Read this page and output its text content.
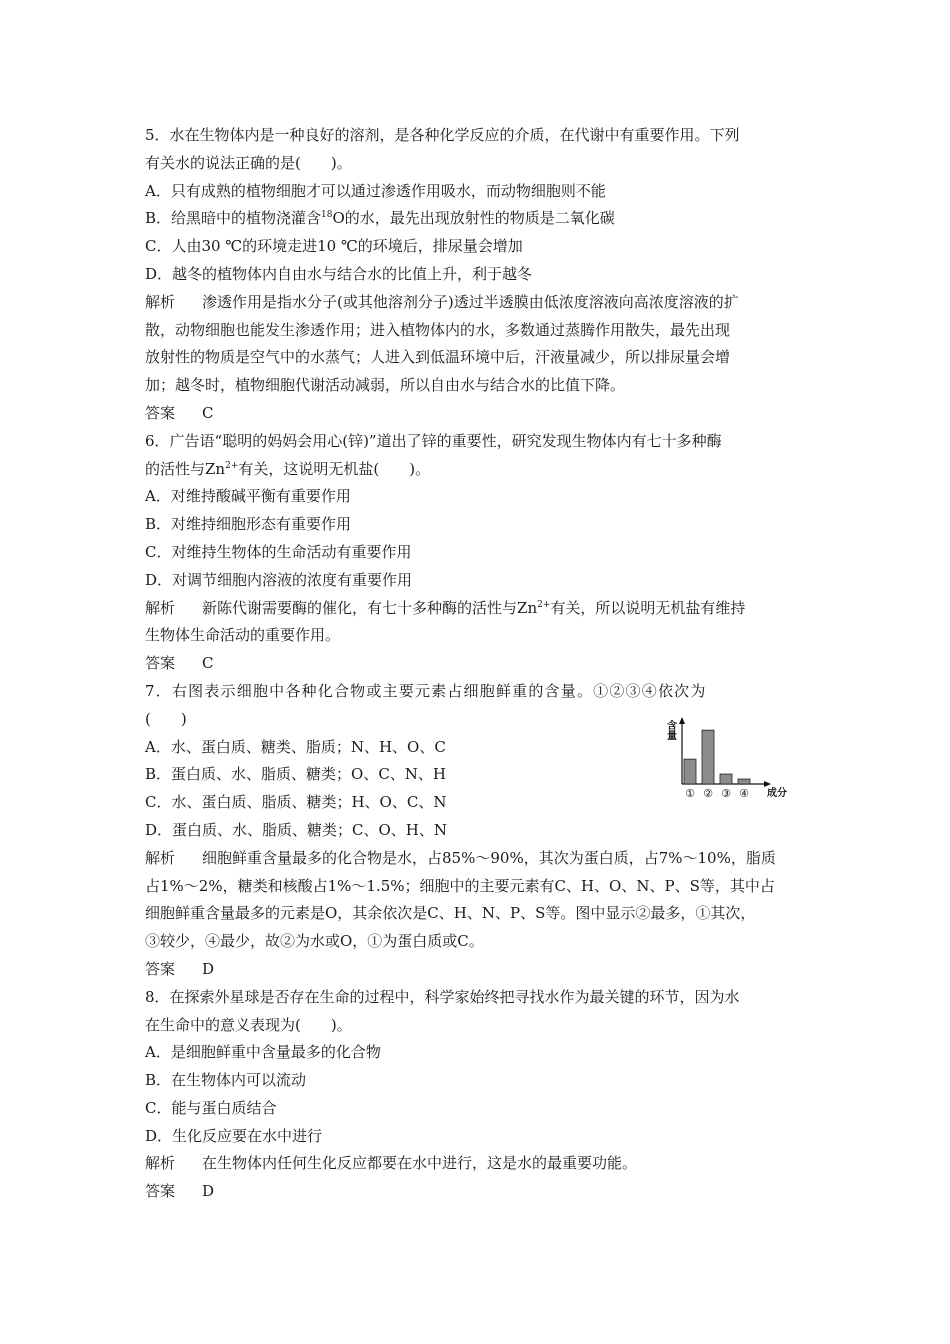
5．水在生物体内是一种良好的溶剂，是各种化学反应的介质，在代谢中有重要作用。下列
有关水的说法正确的是(　　)。
A．只有成熟的植物细胞才可以通过渗透作用吸水，而动物细胞则不能
B．给黑暗中的植物浇灌含$^{18}$O的水，最先出现放射性的物质是二氧化碳
C．人由30 ℃的环境走进10 ℃的环境后，排尿量会增加
D．越冬的植物体内自由水与结合水的比值上升，利于越冬
解析 渗透作用是指水分子(或其他溶剂分子)透过半透膜由低浓度溶液向高浓度溶液的扩
散，动物细胞也能发生渗透作用；进入植物体内的水，多数通过蒸腾作用散失，最先出现
放射性的物质是空气中的水蒸气；人进入到低温环境中后，汗液量减少，所以排尿量会增
加；越冬时，植物细胞代谢活动减弱，所以自由水与结合水的比值下降。
答案 C
6．广告语“聪明的妈妈会用心(锌)”道出了锌的重要性，研究发现生物体内有七十多种酶
的活性与$Zn^{2+}$有关，这说明无机盐(　　)。
A．对维持酸碱平衡有重要作用
B．对维持细胞形态有重要作用
C．对维持生物体的生命活动有重要作用
D．对调节细胞内溶液的浓度有重要作用
解析 新陈代谢需要酶的催化，有七十多种酶的活性与$Zn^{2+}$有关，所以说明无机盐有维持
生物体生命活动的重要作用。
答案 C
7．右图表示细胞中各种化合物或主要元素占细胞鲜重的含量。①②③④依次为
(　　)
A．水、蛋白质、糖类、脂质；N、H、O、C
B．蛋白质、水、脂质、糖类；O、C、N、H
C．水、蛋白质、脂质、糖类；H、O、C、N
D．蛋白质、水、脂质、糖类；C、O、H、N
解析 细胞鲜重含量最多的化合物是水，占85%～90%，其次为蛋白质，占7%～10%，脂质
占1%～2%，糖类和核酸占1%～1.5%；细胞中的主要元素有C、H、O、N、P、S等，其中占
细胞鲜重含量最多的元素是O，其余依次是C、H、N、P、S等。图中显示②最多，①其次，
③较少，④最少，故②为水或O，①为蛋白质或C。
答案 D
8．在探索外星球是否存在生命的过程中，科学家始终把寻找水作为最关键的环节，因为水
在生命中的意义表现为(　　)。
A．是细胞鲜重中含量最多的化合物
B．在生物体内可以流动
C．能与蛋白质结合
D．生化反应要在水中进行
解析 在生物体内任何生化反应都要在水中进行，这是水的最重要功能。
答案 D
含量
成分
① ② ③ ④
